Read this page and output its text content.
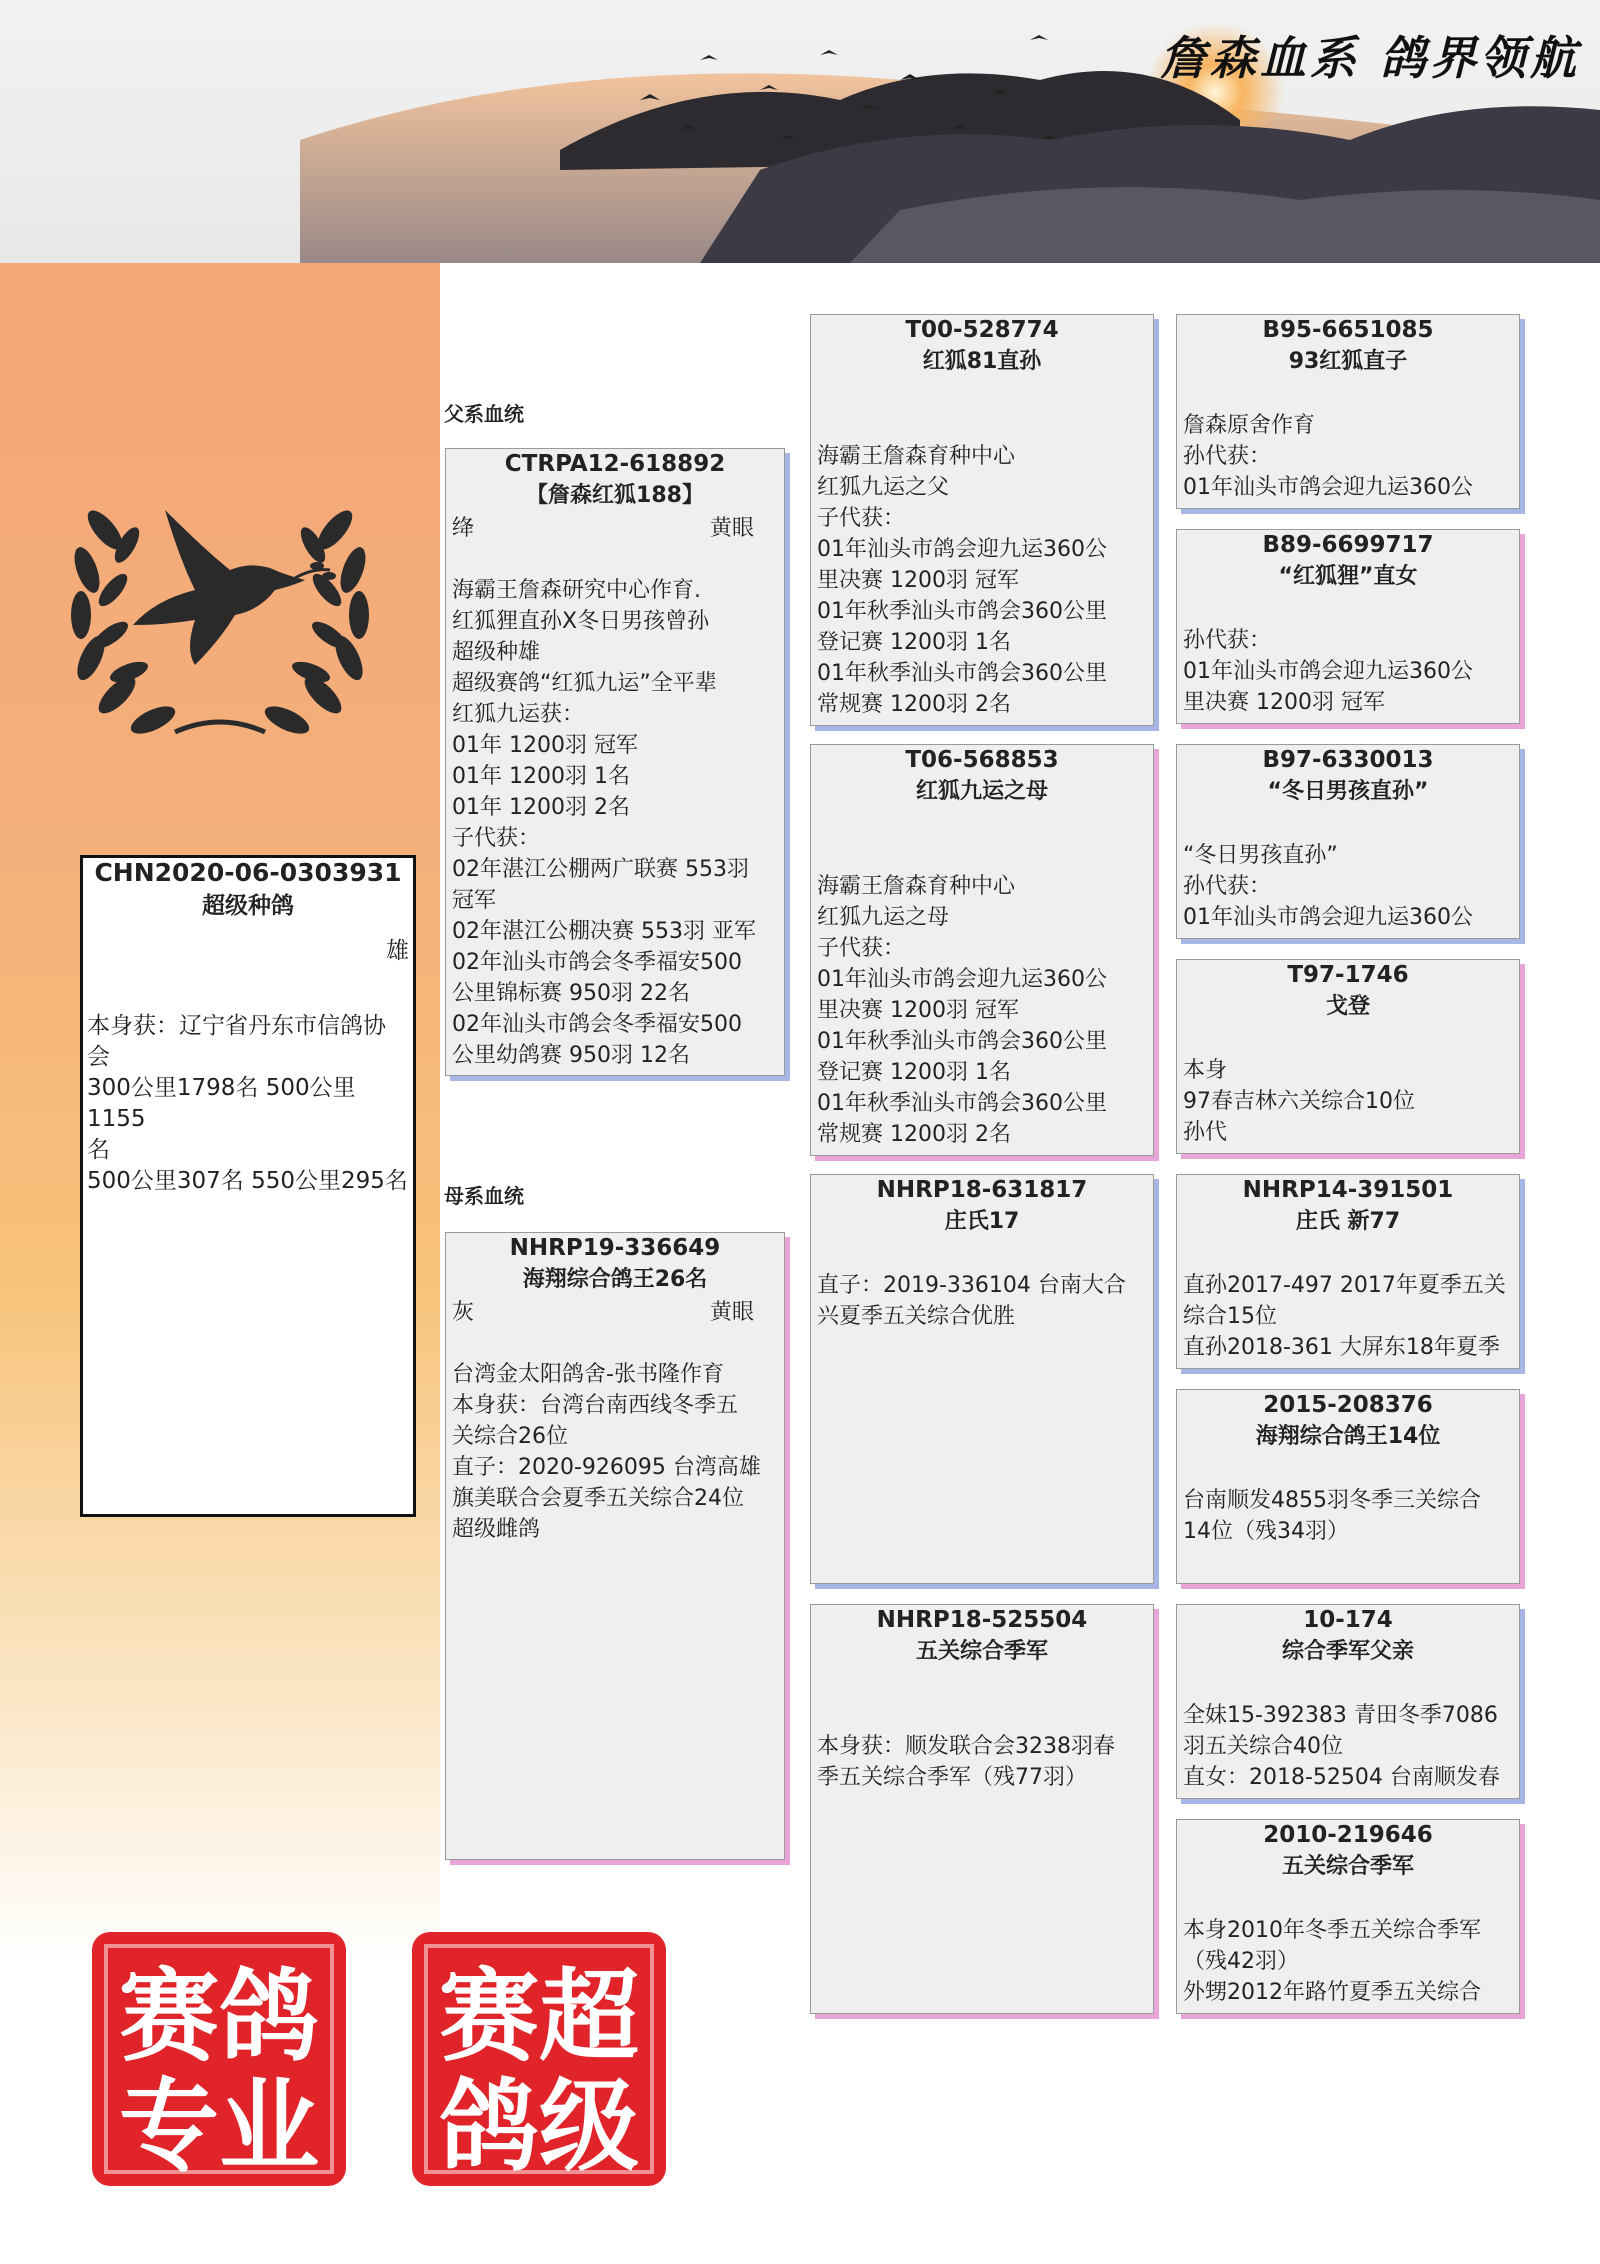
詹森血系 鸽界领航
CHN2020-06-0303931
超级种鸽
雄
本身获：辽宁省丹东市信鸽协
会
300公里1798名 500公里1155
名
500公里307名 550公里295名
父系血统
母系血统
CTRPA12-618892
【詹森红狐188】
绛	黄眼
海霸王詹森研究中心作育.
红狐狸直孙X冬日男孩曾孙
超级种雄
超级赛鸽“红狐九运”全平辈
红狐九运获：
01年 1200羽 冠军
01年 1200羽 1名
01年 1200羽 2名
子代获：
02年湛江公棚两广联赛 553羽
冠军
02年湛江公棚决赛 553羽 亚军
02年汕头市鸽会冬季福安500
公里锦标赛 950羽 22名
02年汕头市鸽会冬季福安500
公里幼鸽赛 950羽 12名
NHRP19-336649
海翔综合鸽王26名
灰	黄眼
台湾金太阳鸽舍-张书隆作育
本身获：台湾台南西线冬季五
关综合26位
直子：2020-926095 台湾高雄
旗美联合会夏季五关综合24位
超级雌鸽
T00-528774
红狐81直孙
海霸王詹森育种中心
红狐九运之父
子代获：
01年汕头市鸽会迎九运360公
里决赛 1200羽 冠军
01年秋季汕头市鸽会360公里
登记赛 1200羽 1名
01年秋季汕头市鸽会360公里
常规赛 1200羽 2名
T06-568853
红狐九运之母
海霸王詹森育种中心
红狐九运之母
子代获：
01年汕头市鸽会迎九运360公
里决赛 1200羽 冠军
01年秋季汕头市鸽会360公里
登记赛 1200羽 1名
01年秋季汕头市鸽会360公里
常规赛 1200羽 2名
NHRP18-631817
庄氏17
直子：2019-336104 台南大合
兴夏季五关综合优胜
NHRP18-525504
五关综合季军
本身获：顺发联合会3238羽春
季五关综合季军（残77羽）
B95-6651085
93红狐直子
詹森原舍作育
孙代获：
01年汕头市鸽会迎九运360公
B89-6699717
“红狐狸”直女
孙代获：
01年汕头市鸽会迎九运360公
里决赛 1200羽 冠军
B97-6330013
“冬日男孩直孙”
“冬日男孩直孙”
孙代获：
01年汕头市鸽会迎九运360公
T97-1746
戈登
本身
97春吉林六关综合10位
孙代
NHRP14-391501
庄氏 新77
直孙2017-497 2017年夏季五关
综合15位
直孙2018-361 大屏东18年夏季
2015-208376
海翔综合鸽王14位
台南顺发4855羽冬季三关综合
14位（残34羽）
10-174
综合季军父亲
全妹15-392383 青田冬季7086
羽五关综合40位
直女：2018-52504 台南顺发春
2010-219646
五关综合季军
本身2010年冬季五关综合季军
（残42羽）
外甥2012年路竹夏季五关综合
赛 鸽
专 业
赛 超
鸽 级
